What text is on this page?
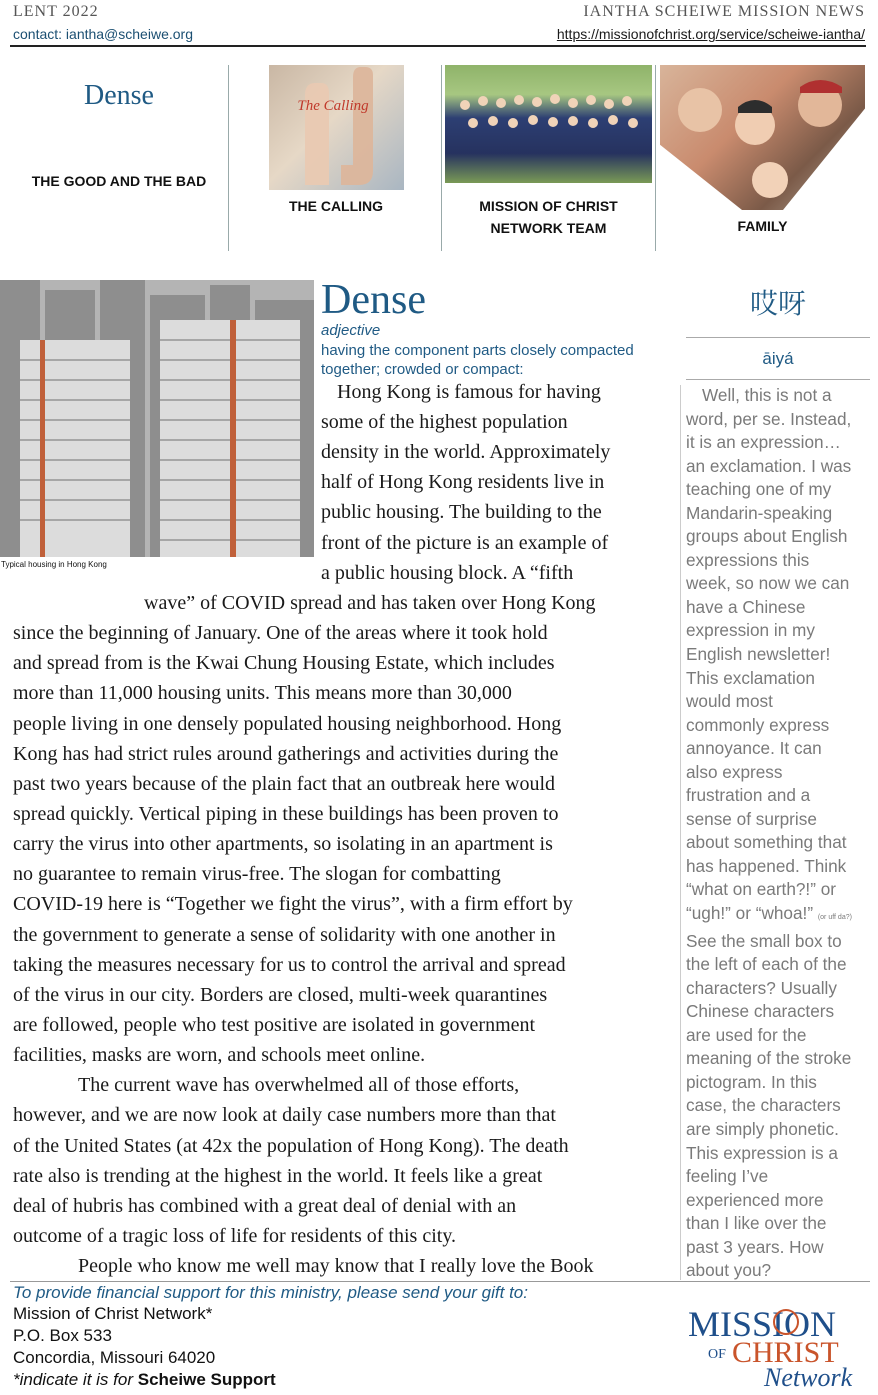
LENT 2022	IANTHA SCHEIWE MISSION NEWS
contact: iantha@scheiwe.org	https://missionofchrist.org/service/scheiwe-iantha/
Dense
THE GOOD AND THE BAD
The Calling
THE CALLING	MISSION OF CHRIST
NETWORK TEAM	FAMILY
Typical housing in Hong Kong
Dense
adjective
having the component parts closely compacted together; crowded or compact:
Hong Kong is famous for having
some of the highest population
density in the world. Approximately
half of Hong Kong residents live in
public housing. The building to the
front of the picture is an example of
a public housing block. A “fifth
wave” of COVID spread and has taken over Hong Kong
since the beginning of January. One of the areas where it took hold
and spread from is the Kwai Chung Housing Estate, which includes
more than 11,000 housing units. This means more than 30,000
people living in one densely populated housing neighborhood. Hong
Kong has had strict rules around gatherings and activities during the
past two years because of the plain fact that an outbreak here would
spread quickly. Vertical piping in these buildings has been proven to
carry the virus into other apartments, so isolating in an apartment is
no guarantee to remain virus-free. The slogan for combatting
COVID-19 here is “Together we fight the virus”, with a firm effort by
the government to generate a sense of solidarity with one another in
taking the measures necessary for us to control the arrival and spread
of the virus in our city. Borders are closed, multi-week quarantines
are followed, people who test positive are isolated in government
facilities, masks are worn, and schools meet online.
The current wave has overwhelmed all of those efforts,
however, and we are now look at daily case numbers more than that
of the United States (at 42x the population of Hong Kong). The death
rate also is trending at the highest in the world. It feels like a great
deal of hubris has combined with a great deal of denial with an
outcome of a tragic loss of life for residents of this city.
People who know me well may know that I really love the Book
哎呀
āiyá
Well, this is not a
word, per se. Instead,
it is an expression…
an exclamation. I was
teaching one of my
Mandarin-speaking
groups about English
expressions this
week, so now we can
have a Chinese
expression in my
English newsletter!
This exclamation
would most
commonly express
annoyance. It can
also express
frustration and a
sense of surprise
about something that
has happened. Think
“what on earth?!” or
“ugh!” or “whoa!” (or uff da?)
See the small box to
the left of each of the
characters? Usually
Chinese characters
are used for the
meaning of the stroke
pictogram. In this
case, the characters
are simply phonetic.
This expression is a
feeling I’ve
experienced more
than I like over the
past 3 years. How
about you?
To provide financial support for this ministry, please send your gift to:
Mission of Christ Network*
P.O. Box 533
Concordia, Missouri 64020
*indicate it is for Scheiwe Support
MISSION
OF CHRIST
Network
